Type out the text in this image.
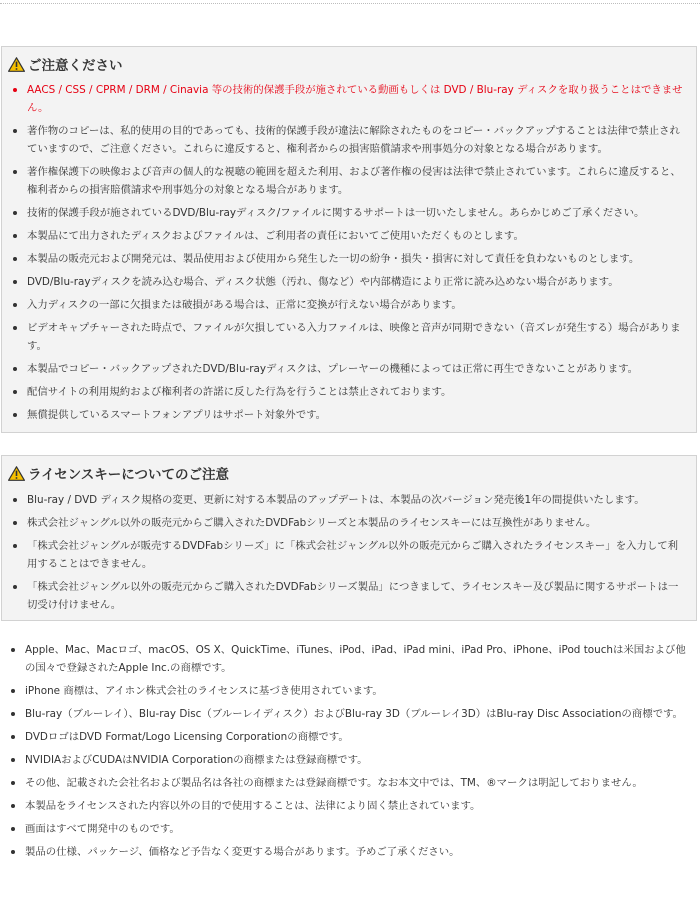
ご注意ください
AACS / CSS / CPRM / DRM / Cinavia 等の技術的保護手段が施されている動画もしくは DVD / Blu-ray ディスクを取り扱うことはできません。
著作物のコピーは、私的使用の目的であっても、技術的保護手段が違法に解除されたものをコピー・バックアップすることは法律で禁止されていますので、ご注意ください。これらに違反すると、権利者からの損害賠償請求や刑事処分の対象となる場合があります。
著作権保護下の映像および音声の個人的な視聴の範囲を超えた利用、および著作権の侵害は法律で禁止されています。これらに違反すると、権利者からの損害賠償請求や刑事処分の対象となる場合があります。
技術的保護手段が施されているDVD/Blu-rayディスク/ファイルに関するサポートは一切いたしません。あらかじめご了承ください。
本製品にて出力されたディスクおよびファイルは、ご利用者の責任においてご使用いただくものとします。
本製品の販売元および開発元は、製品使用および使用から発生した一切の紛争・損失・損害に対して責任を負わないものとします。
DVD/Blu-rayディスクを読み込む場合、ディスク状態（汚れ、傷など）や内部構造により正常に読み込めない場合があります。
入力ディスクの一部に欠損または破損がある場合は、正常に変換が行えない場合があります。
ビデオキャプチャーされた時点で、ファイルが欠損している入力ファイルは、映像と音声が同期できない（音ズレが発生する）場合があります。
本製品でコピー・バックアップされたDVD/Blu-rayディスクは、プレーヤーの機種によっては正常に再生できないことがあります。
配信サイトの利用規約および権利者の許諾に反した行為を行うことは禁止されております。
無償提供しているスマートフォンアプリはサポート対象外です。
ライセンスキーについてのご注意
Blu-ray / DVD ディスク規格の変更、更新に対する本製品のアップデートは、本製品の次バージョン発売後1年の間提供いたします。
株式会社ジャングル以外の販売元からご購入されたDVDFabシリーズと本製品のライセンスキーには互換性がありません。
「株式会社ジャングルが販売するDVDFabシリーズ」に「株式会社ジャングル以外の販売元からご購入されたライセンスキー」を入力して利用することはできません。
「株式会社ジャングル以外の販売元からご購入されたDVDFabシリーズ製品」につきまして、ライセンスキー及び製品に関するサポートは一切受け付けません。
Apple、Mac、Macロゴ、macOS、OS X、QuickTime、iTunes、iPod、iPad、iPad mini、iPad Pro、iPhone、iPod touchは米国および他の国々で登録されたApple Inc.の商標です。
iPhone 商標は、アイホン株式会社のライセンスに基づき使用されています。
Blu-ray（ブルーレイ）、Blu-ray Disc（ブルーレイディスク）およびBlu-ray 3D（ブルーレイ3D）はBlu-ray Disc Associationの商標です。
DVDロゴはDVD Format/Logo Licensing Corporationの商標です。
NVIDIAおよびCUDAはNVIDIA Corporationの商標または登録商標です。
その他、記載された会社名および製品名は各社の商標または登録商標です。なお本文中では、TM、®マークは明記しておりません。
本製品をライセンスされた内容以外の目的で使用することは、法律により固く禁止されています。
画面はすべて開発中のものです。
製品の仕様、パッケージ、価格など予告なく変更する場合があります。予めご了承ください。
